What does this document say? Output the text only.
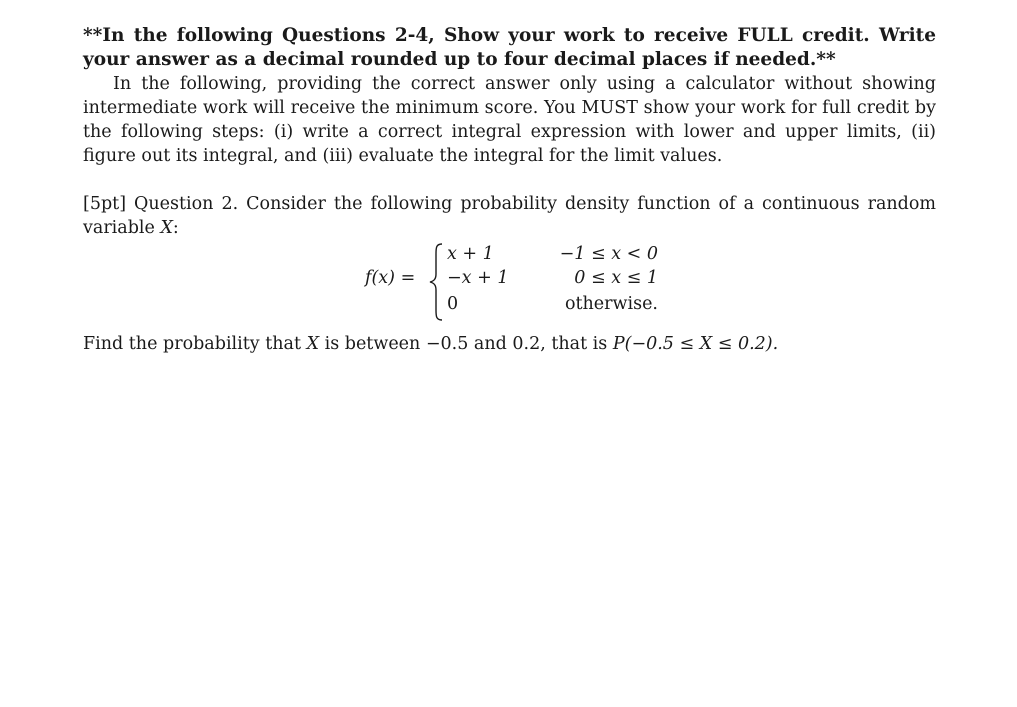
**In the following Questions 2-4, Show your work to receive FULL credit. Write your answer as a decimal rounded up to four decimal places if needed.**

In the following, providing the correct answer only using a calculator without showing intermediate work will receive the minimum score. You MUST show your work for full credit by the following steps: (i) write a correct integral expression with lower and upper limits, (ii) figure out its integral, and (iii) evaluate the integral for the limit values.

[5pt] Question 2. Consider the following probability density function of a continuous random variable X:

f(x) =
x + 1	−1 ≤ x < 0
−x + 1	0 ≤ x ≤ 1
0	otherwise.

Find the probability that X is between −0.5 and 0.2, that is P(−0.5 ≤ X ≤ 0.2).
